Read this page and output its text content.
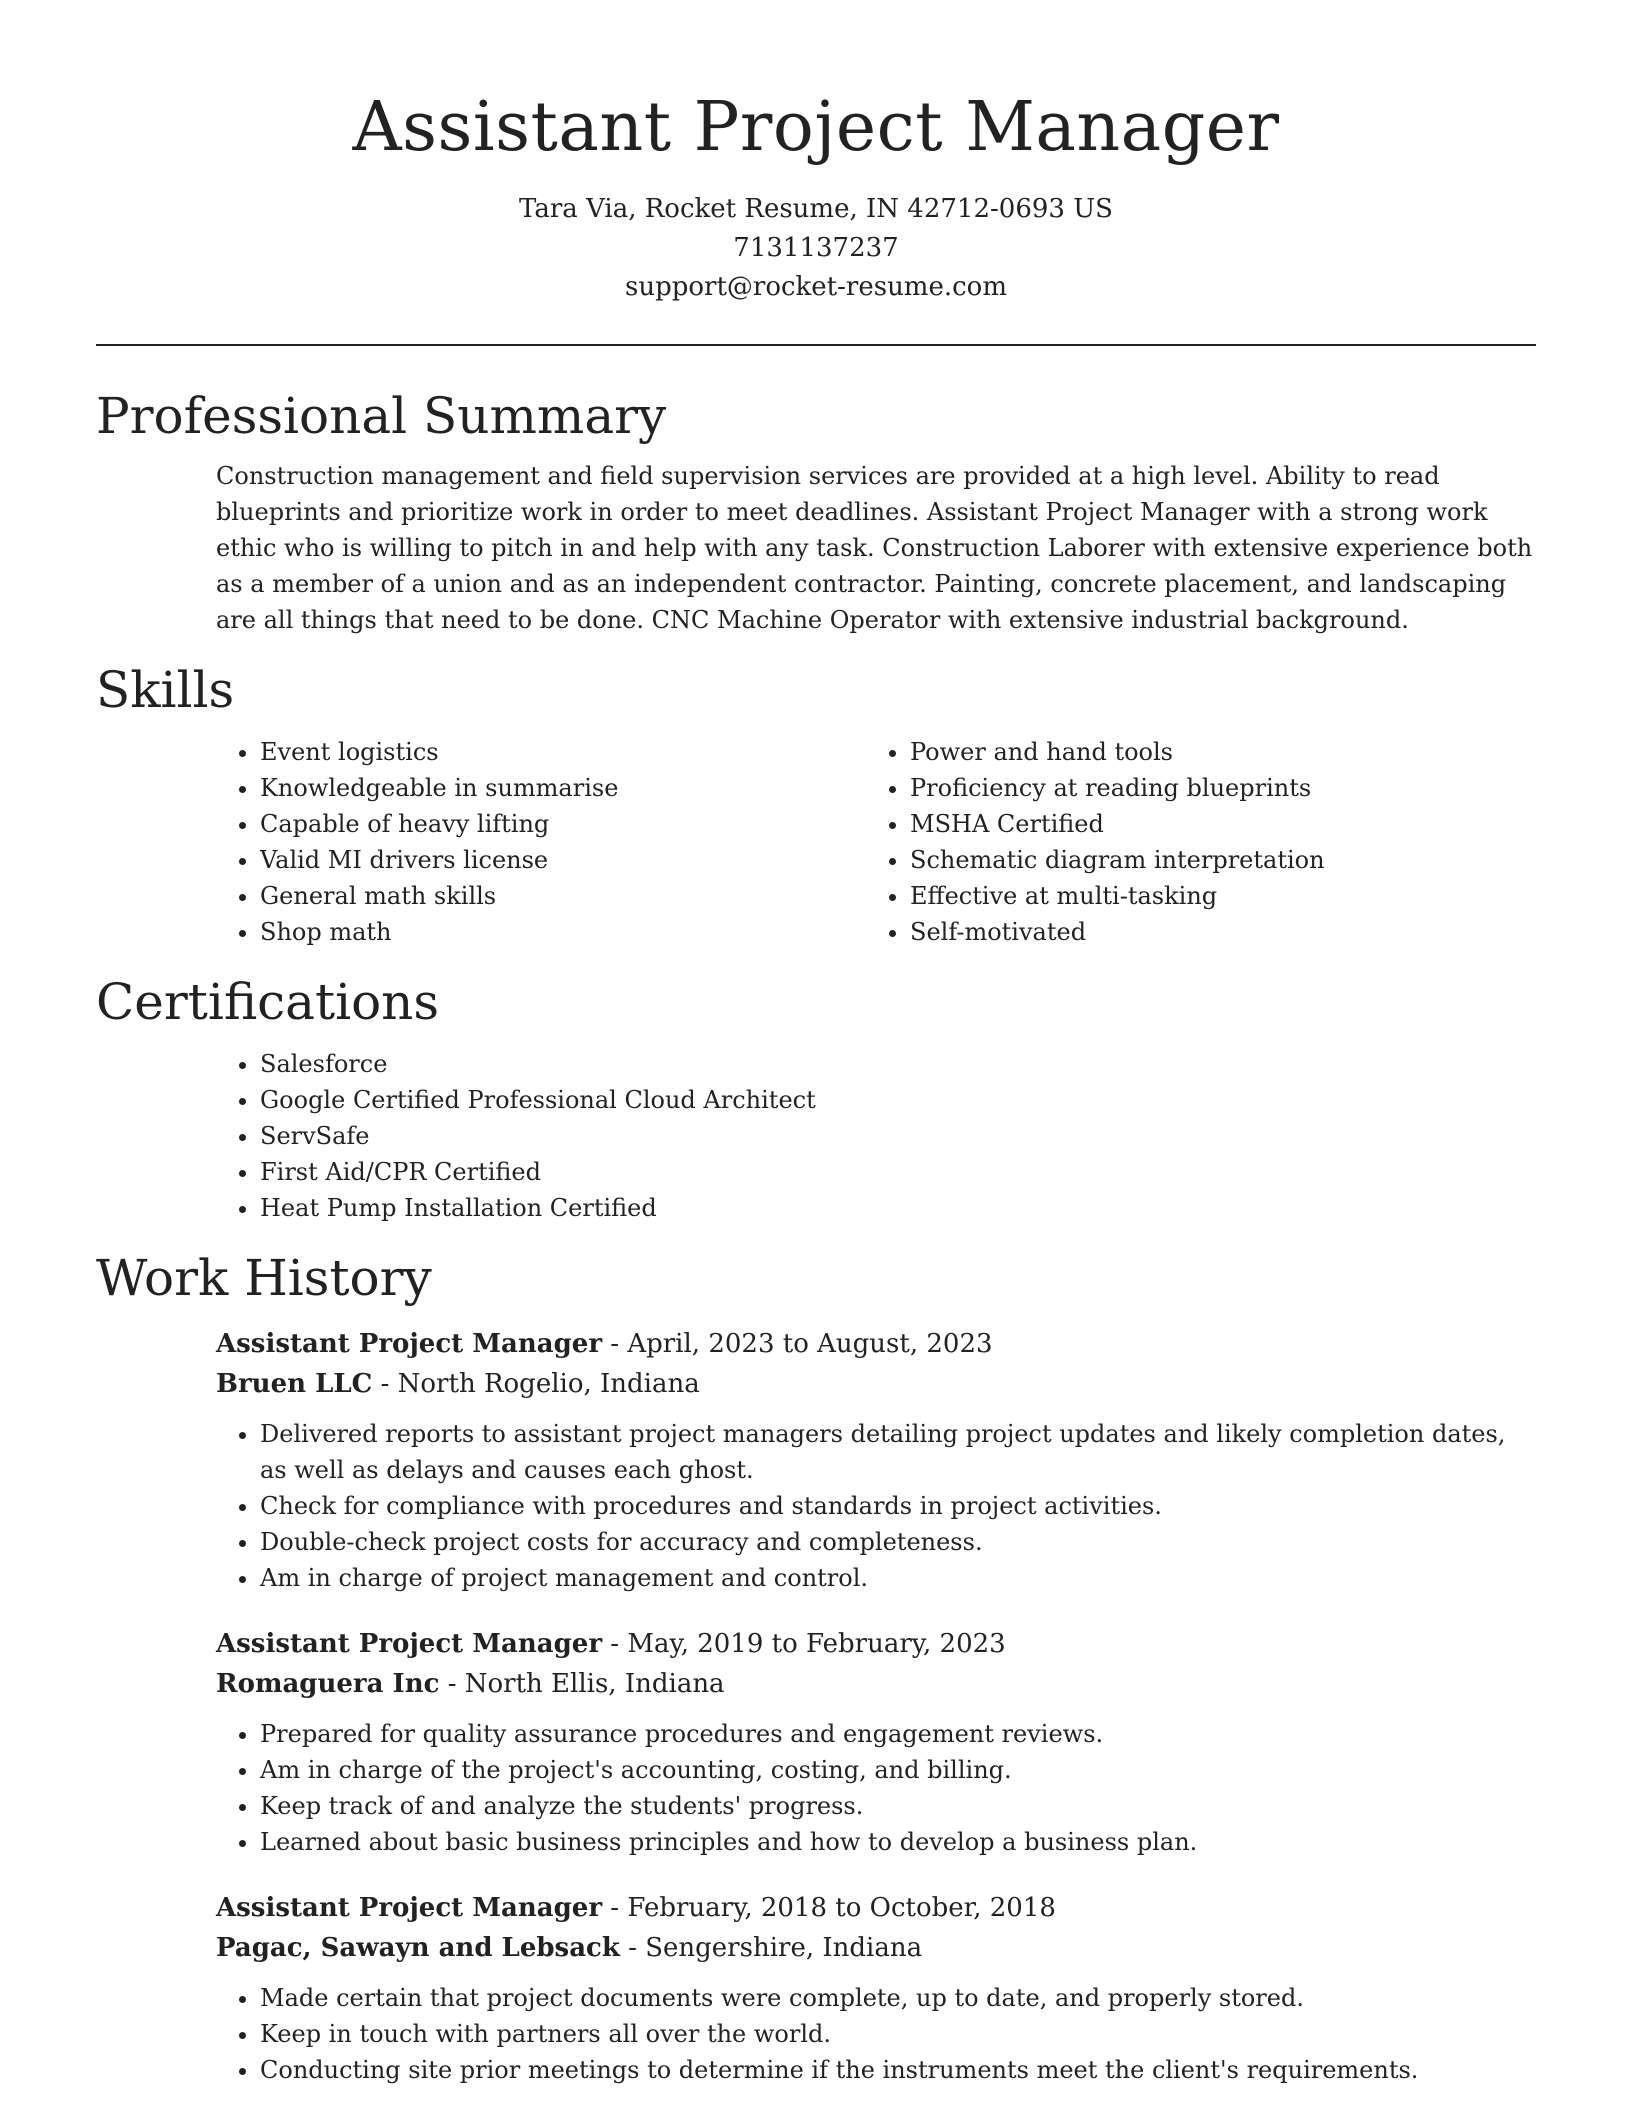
Assistant Project Manager
Tara Via, Rocket Resume, IN 42712-0693 US
7131137237
support@rocket-resume.com
Professional Summary

Construction management and field supervision services are provided at a high level. Ability to read blueprints and prioritize work in order to meet deadlines. Assistant Project Manager with a strong work ethic who is willing to pitch in and help with any task. Construction Laborer with extensive experience both as a member of a union and as an independent contractor. Painting, concrete placement, and landscaping are all things that need to be done. CNC Machine Operator with extensive industrial background.

Skills
• Event logistics
• Knowledgeable in summarise
• Capable of heavy lifting
• Valid MI drivers license
• General math skills
• Shop math
• Power and hand tools
• Proficiency at reading blueprints
• MSHA Certified
• Schematic diagram interpretation
• Effective at multi-tasking
• Self-motivated
Certifications
• Salesforce
• Google Certified Professional Cloud Architect
• ServSafe
• First Aid/CPR Certified
• Heat Pump Installation Certified
Work History
Assistant Project Manager - April, 2023 to August, 2023
Bruen LLC - North Rogelio, Indiana
• Delivered reports to assistant project managers detailing project updates and likely completion dates, as well as delays and causes each ghost.
• Check for compliance with procedures and standards in project activities.
• Double-check project costs for accuracy and completeness.
• Am in charge of project management and control.
Assistant Project Manager - May, 2019 to February, 2023
Romaguera Inc - North Ellis, Indiana
• Prepared for quality assurance procedures and engagement reviews.
• Am in charge of the project's accounting, costing, and billing.
• Keep track of and analyze the students' progress.
• Learned about basic business principles and how to develop a business plan.
Assistant Project Manager - February, 2018 to October, 2018
Pagac, Sawayn and Lebsack - Sengershire, Indiana
• Made certain that project documents were complete, up to date, and properly stored.
• Keep in touch with partners all over the world.
• Conducting site prior meetings to determine if the instruments meet the client's requirements.
